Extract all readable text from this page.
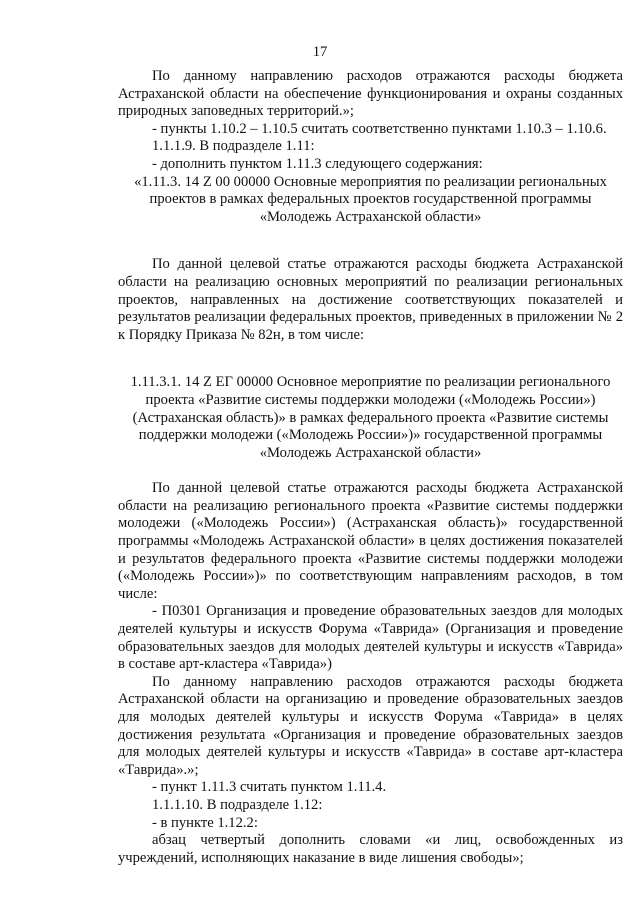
17

По данному направлению расходов отражаются расходы бюджета Астраханской области на обеспечение функционирования и охраны созданных природных заповедных территорий.»;

- пункты 1.10.2 – 1.10.5 считать соответственно пунктами 1.10.3 – 1.10.6.

1.1.1.9. В подразделе 1.11:

- дополнить пунктом 1.11.3 следующего содержания:

«1.11.3. 14 Z 00 00000 Основные мероприятия по реализации региональных проектов в рамках федеральных проектов государственной программы «Молодежь Астраханской области»

По данной целевой статье отражаются расходы бюджета Астраханской области на реализацию основных мероприятий по реализации региональных проектов, направленных на достижение соответствующих показателей и результатов реализации федеральных проектов, приведенных в приложении № 2 к Порядку Приказа № 82н, в том числе:

1.11.3.1. 14 Z ЕГ 00000 Основное мероприятие по реализации регионального проекта «Развитие системы поддержки молодежи («Молодежь России») (Астраханская область)» в рамках федерального проекта «Развитие системы поддержки молодежи («Молодежь России»)» государственной программы «Молодежь Астраханской области»

По данной целевой статье отражаются расходы бюджета Астраханской области на реализацию регионального проекта «Развитие системы поддержки молодежи («Молодежь России») (Астраханская область)» государственной программы «Молодежь Астраханской области» в целях достижения показателей и результатов федерального проекта «Развитие системы поддержки молодежи («Молодежь России»)» по соответствующим направлениям расходов, в том числе:

- П0301 Организация и проведение образовательных заездов для молодых деятелей культуры и искусств Форума «Таврида» (Организация и проведение образовательных заездов для молодых деятелей культуры и искусств «Таврида» в составе арт-кластера «Таврида»)

По данному направлению расходов отражаются расходы бюджета Астраханской области на организацию и проведение образовательных заездов для молодых деятелей культуры и искусств Форума «Таврида» в целях достижения результата «Организация и проведение образовательных заездов для молодых деятелей культуры и искусств «Таврида» в составе арт-кластера «Таврида».»;

- пункт 1.11.3 считать пунктом 1.11.4.

1.1.1.10. В подразделе 1.12:

- в пункте 1.12.2:

абзац четвертый дополнить словами «и лиц, освобожденных из учреждений, исполняющих наказание в виде лишения свободы»;
